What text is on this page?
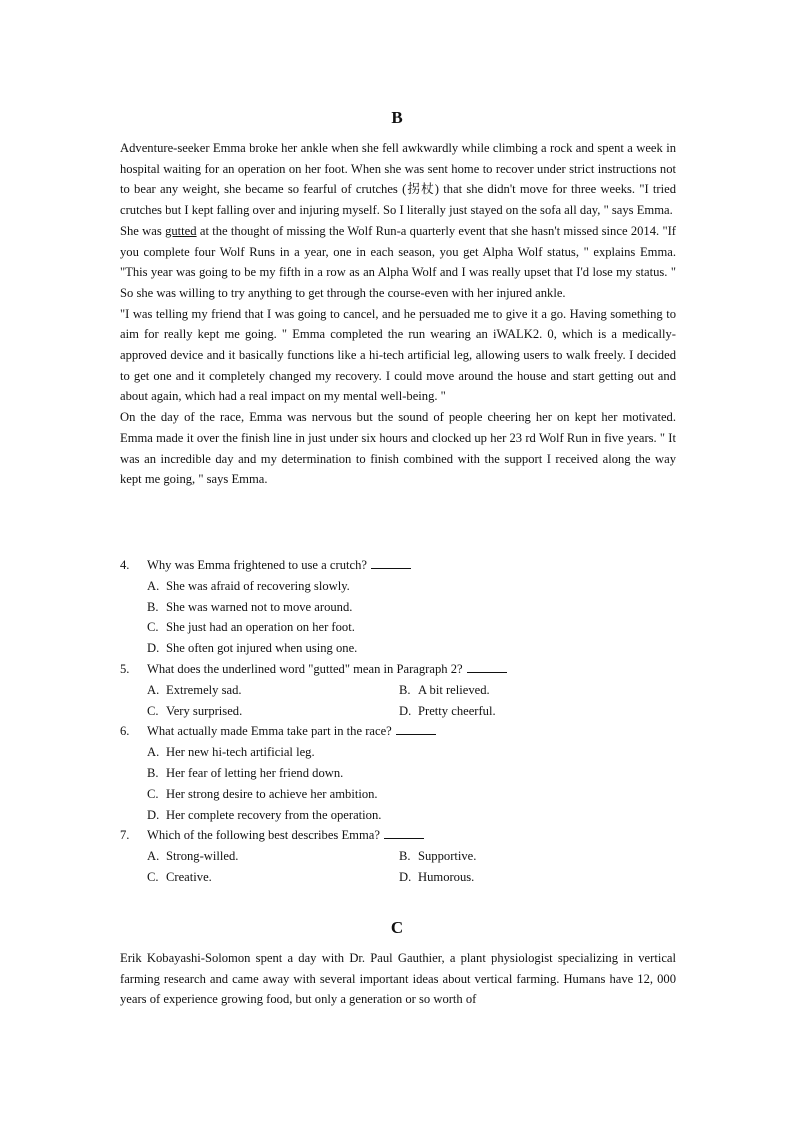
B

Adventure-seeker Emma broke her ankle when she fell awkwardly while climbing a rock and spent a week in hospital waiting for an operation on her foot. When she was sent home to recover under strict instructions not to bear any weight, she became so fearful of crutches (拐杖) that she didn't move for three weeks. "I tried crutches but I kept falling over and injuring myself. So I literally just stayed on the sofa all day, " says Emma.

She was gutted at the thought of missing the Wolf Run-a quarterly event that she hasn't missed since 2014. "If you complete four Wolf Runs in a year, one in each season, you get Alpha Wolf status, " explains Emma. "This year was going to be my fifth in a row as an Alpha Wolf and I was really upset that I'd lose my status. " So she was willing to try anything to get through the course-even with her injured ankle.

"I was telling my friend that I was going to cancel, and he persuaded me to give it a go. Having something to aim for really kept me going. " Emma completed the run wearing an iWALK2. 0, which is a medically-approved device and it basically functions like a hi-tech artificial leg, allowing users to walk freely. I decided to get one and it completely changed my recovery. I could move around the house and start getting out and about again, which had a real impact on my mental well-being. "

On the day of the race, Emma was nervous but the sound of people cheering her on kept her motivated. Emma made it over the finish line in just under six hours and clocked up her 23 rd Wolf Run in five years. " It was an incredible day and my determination to finish combined with the support I received along the way kept me going, " says Emma.

4. Why was Emma frightened to use a crutch?
A. She was afraid of recovering slowly.
B. She was warned not to move around.
C. She just had an operation on her foot.
D. She often got injured when using one.
5. What does the underlined word "gutted" mean in Paragraph 2?
A. Extremely sad.	B. A bit relieved.
C. Very surprised.	D. Pretty cheerful.
6. What actually made Emma take part in the race?
A. Her new hi-tech artificial leg.
B. Her fear of letting her friend down.
C. Her strong desire to achieve her ambition.
D. Her complete recovery from the operation.
7. Which of the following best describes Emma?
A. Strong-willed.	B. Supportive.
C. Creative.	D. Humorous.
C

Erik Kobayashi-Solomon spent a day with Dr. Paul Gauthier, a plant physiologist specializing in vertical farming research and came away with several important ideas about vertical farming. Humans have 12, 000 years of experience growing food, but only a generation or so worth of
